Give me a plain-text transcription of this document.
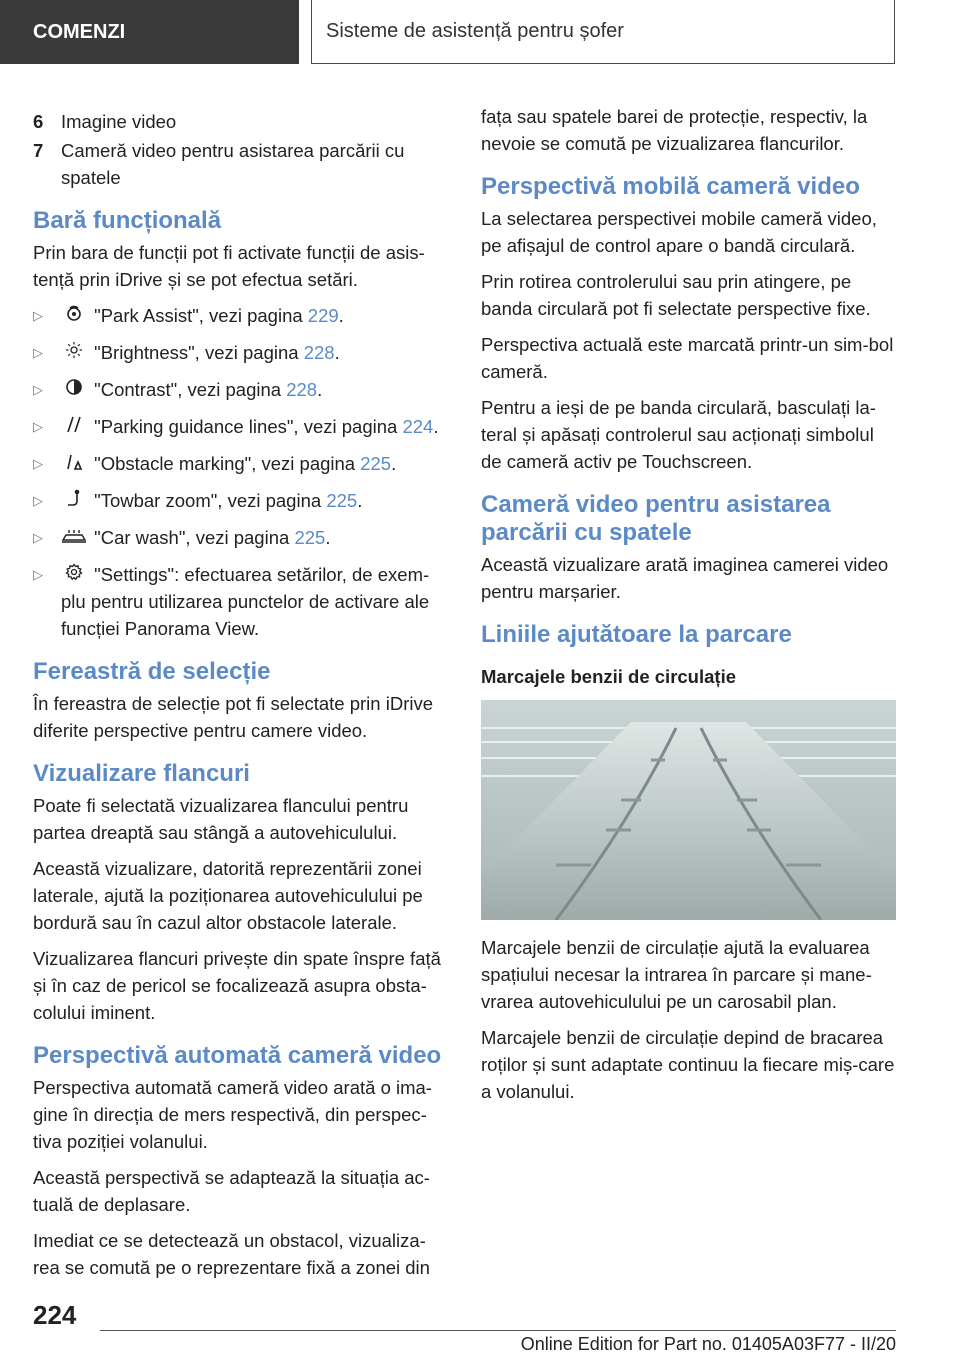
COMENZI	Sisteme de asistență pentru șofer
6 Imagine video
7 Cameră video pentru asistarea parcării cu spatele
Bară funcțională

Prin bara de funcții pot fi activate funcții de asis-tență prin iDrive și se pot efectua setări.

▷	"Park Assist", vezi pagina 229.
▷	"Brightness", vezi pagina 228.
▷	"Contrast", vezi pagina 228.
▷	"Parking guidance lines", vezi pagina 224.
▷	"Obstacle marking", vezi pagina 225.
▷	"Towbar zoom", vezi pagina 225.
▷	"Car wash", vezi pagina 225.
▷	"Settings": efectuarea setărilor, de exem-plu pentru utilizarea punctelor de activare ale funcției Panorama View.
Fereastră de selecție

În fereastra de selecție pot fi selectate prin iDrive diferite perspective pentru camere video.

Vizualizare flancuri

Poate fi selectată vizualizarea flancului pentru partea dreaptă sau stângă a autovehiculului.

Această vizualizare, datorită reprezentării zonei laterale, ajută la poziționarea autovehiculului pe bordură sau în cazul altor obstacole laterale.

Vizualizarea flancuri privește din spate înspre față și în caz de pericol se focalizează asupra obsta-colului iminent.

Perspectivă automată cameră video

Perspectiva automată cameră video arată o ima-gine în direcția de mers respectivă, din perspec-tiva poziției volanului.

Această perspectivă se adaptează la situația ac-tuală de deplasare.

Imediat ce se detectează un obstacol, vizualiza-rea se comută pe o reprezentare fixă a zonei din

fața sau spatele barei de protecție, respectiv, la nevoie se comută pe vizualizarea flancurilor.

Perspectivă mobilă cameră video

La selectarea perspectivei mobile cameră video, pe afișajul de control apare o bandă circulară.

Prin rotirea controlerului sau prin atingere, pe banda circulară pot fi selectate perspective fixe.

Perspectiva actuală este marcată printr-un sim-bol cameră.

Pentru a ieși de pe banda circulară, basculați la-teral și apăsați controlerul sau acționați simbolul de cameră activ pe Touchscreen.

Cameră video pentru asistarea parcării cu spatele

Această vizualizare arată imaginea camerei video pentru marșarier.

Liniile ajutătoare la parcare
Marcajele benzii de circulație

Marcajele benzii de circulație ajută la evaluarea spațiului necesar la intrarea în parcare și mane-vrarea autovehiculului pe un carosabil plan.

Marcajele benzii de circulație depind de bracarea roților și sunt adaptate continuu la fiecare miș-care a volanului.

224
Online Edition for Part no. 01405A03F77 - II/20
